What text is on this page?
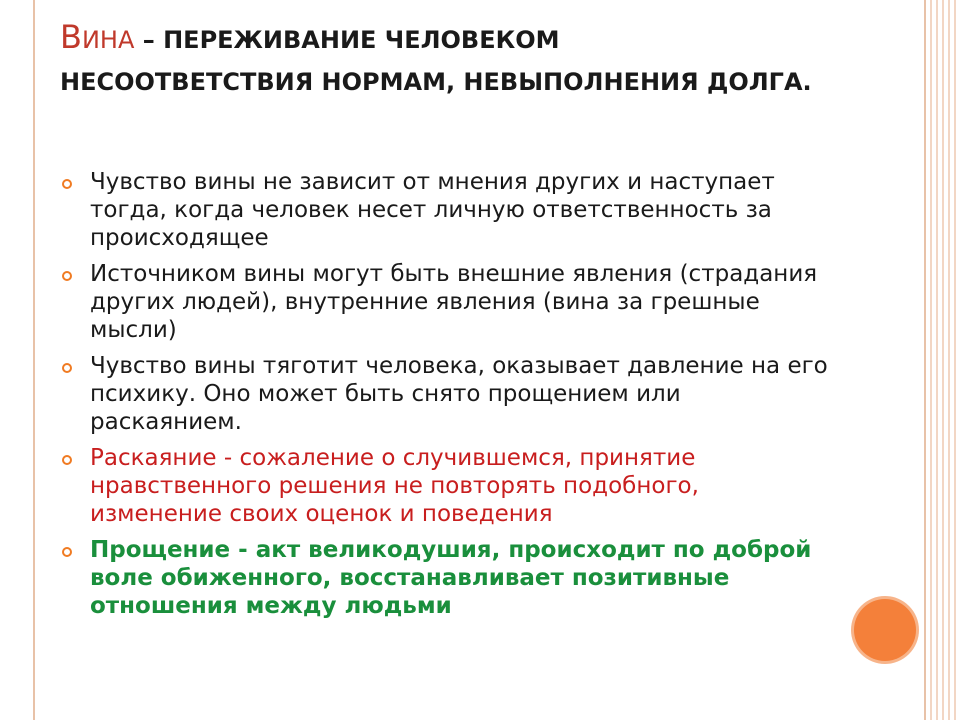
ВИНА – ПЕРЕЖИВАНИЕ ЧЕЛОВЕКОМ НЕСООТВЕТСТВИЯ НОРМАМ, НЕВЫПОЛНЕНИЯ ДОЛГА.
Чувство вины не зависит от мнения других и наступает тогда, когда человек несет личную ответственность за происходящее
Источником вины могут быть внешние явления (страдания других людей), внутренние явления (вина за грешные мысли)
Чувство вины тяготит человека, оказывает давление на его психику. Оно может быть снято прощением или раскаянием.
Раскаяние - сожаление о случившемся, принятие нравственного решения не повторять подобного, изменение своих оценок и поведения
Прощение - акт великодушия, происходит по доброй воле обиженного, восстанавливает позитивные отношения между людьми
